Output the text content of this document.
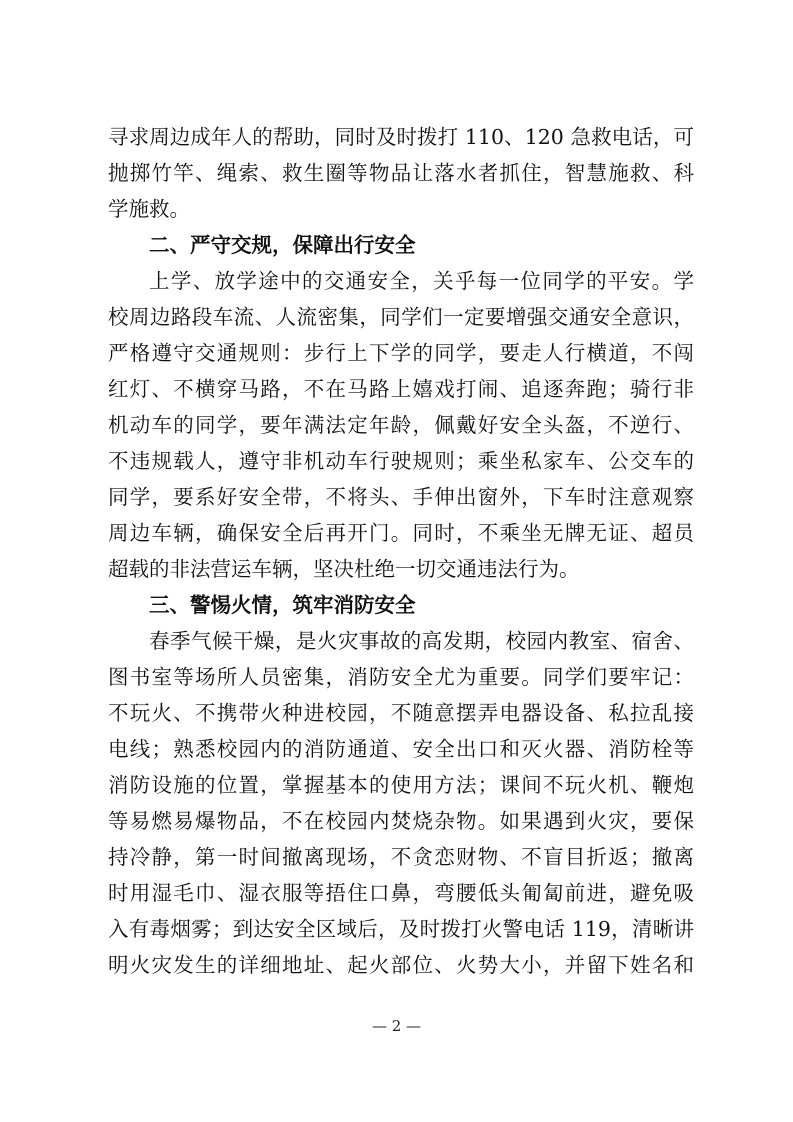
寻求周边成年人的帮助，同时及时拨打 110、120 急救电话，可
抛掷竹竿、绳索、救生圈等物品让落水者抓住，智慧施救、科
学施救。
二、严守交规，保障出行安全
上学、放学途中的交通安全，关乎每一位同学的平安。学
校周边路段车流、人流密集，同学们一定要增强交通安全意识，
严格遵守交通规则：步行上下学的同学，要走人行横道，不闯
红灯、不横穿马路，不在马路上嬉戏打闹、追逐奔跑；骑行非
机动车的同学，要年满法定年龄，佩戴好安全头盔，不逆行、
不违规载人，遵守非机动车行驶规则；乘坐私家车、公交车的
同学，要系好安全带，不将头、手伸出窗外，下车时注意观察
周边车辆，确保安全后再开门。同时，不乘坐无牌无证、超员
超载的非法营运车辆，坚决杜绝一切交通违法行为。
三、警惕火情，筑牢消防安全
春季气候干燥，是火灾事故的高发期，校园内教室、宿舍、
图书室等场所人员密集，消防安全尤为重要。同学们要牢记：
不玩火、不携带火种进校园，不随意摆弄电器设备、私拉乱接
电线；熟悉校园内的消防通道、安全出口和灭火器、消防栓等
消防设施的位置，掌握基本的使用方法；课间不玩火机、鞭炮
等易燃易爆物品，不在校园内焚烧杂物。如果遇到火灾，要保
持冷静，第一时间撤离现场，不贪恋财物、不盲目折返；撤离
时用湿毛巾、湿衣服等捂住口鼻，弯腰低头匍匐前进，避免吸
入有毒烟雾；到达安全区域后，及时拨打火警电话 119，清晰讲
明火灾发生的详细地址、起火部位、火势大小，并留下姓名和
— 2 —
